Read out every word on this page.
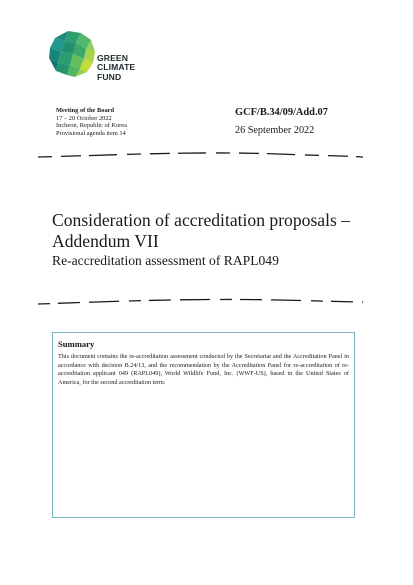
GREEN
CLIMATE
FUND
Meeting of the Board
17 – 20 October 2022
Incheon, Republic of Korea
Provisional agenda item 14
GCF/B.34/09/Add.07
26 September 2022
Consideration of accreditation proposals – Addendum VII
Re-accreditation assessment of RAPL049
Summary
This document contains the re-accreditation assessment conducted by the Secretariat and the Accreditation Panel in accordance with decision B.24/13, and the recommendation by the Accreditation Panel for re-accreditation of re-accreditation applicant 049 (RAPL049), World Wildlife Fund, Inc. (WWF-US), based in the United States of America, for the second accreditation term.
